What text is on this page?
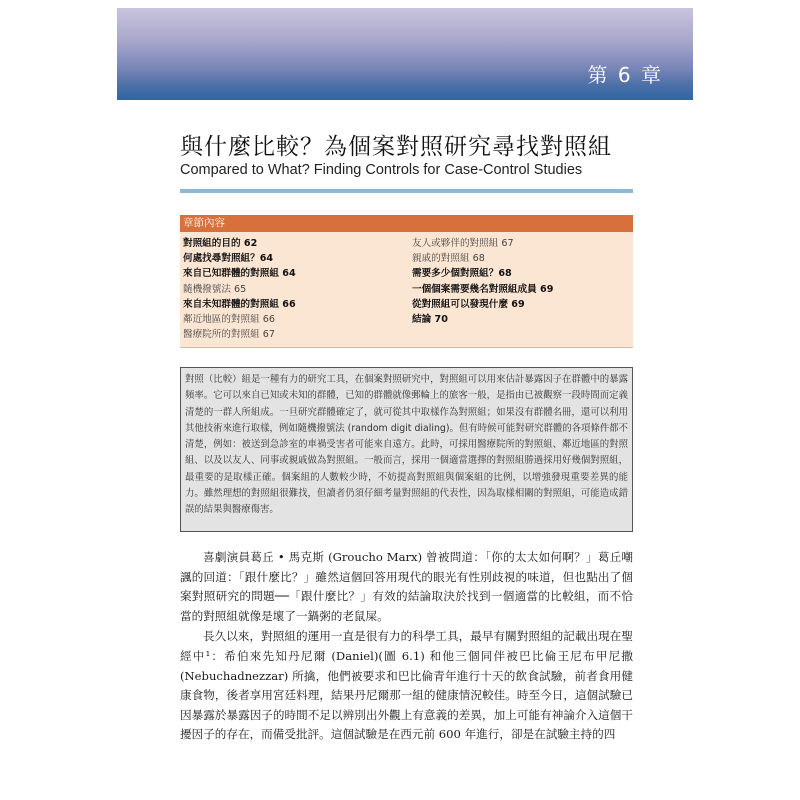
第 6 章
與什麼比較？為個案對照研究尋找對照組
Compared to What? Finding Controls for Case-Control Studies
章節內容
對照組的目的 62
何處找尋對照組？64
來自已知群體的對照組 64
隨機撥號法 65
來自未知群體的對照組 66
鄰近地區的對照組 66
醫療院所的對照組 67
友人或夥伴的對照組 67
親戚的對照組 68
需要多少個對照組？68
一個個案需要幾名對照組成員 69
從對照組可以發現什麼 69
結論 70
對照（比較）組是一種有力的研究工具，在個案對照研究中，對照組可以用來估計暴露因子在群體中的暴露頻率。它可以來自已知或未知的群體，已知的群體就像郵輪上的旅客一般，是指由已被觀察一段時間而定義清楚的一群人所組成。一旦研究群體確定了，就可從其中取樣作為對照組；如果沒有群體名冊，還可以利用其他技術來進行取樣，例如隨機撥號法 (random digit dialing)。但有時候可能對研究群體的各項條件都不清楚，例如：被送到急診室的車禍受害者可能來自遠方。此時，可採用醫療院所的對照組、鄰近地區的對照組、以及以友人、同事或親戚做為對照組。一般而言，採用一個適當選擇的對照組勝過採用好幾個對照組，最重要的是取樣正確。個案組的人數較少時，不妨提高對照組與個案組的比例，以增強發現重要差異的能力。雖然理想的對照組很難找，但讀者仍須仔細考量對照組的代表性，因為取樣相關的對照組，可能造成錯誤的結果與醫療傷害。

喜劇演員葛丘 • 馬克斯 (Groucho Marx) 曾被問道：「你的太太如何啊？」葛丘嘲諷的回道：「跟什麼比？」雖然這個回答用現代的眼光有性別歧視的味道，但也點出了個案對照研究的問題──「跟什麼比？」有效的結論取決於找到一個適當的比較組，而不恰當的對照組就像是壞了一鍋粥的老鼠屎。

長久以來，對照組的運用一直是很有力的科學工具，最早有關對照組的記載出現在聖經中¹：希伯來先知丹尼爾 (Daniel)(圖 6.1) 和他三個同伴被巴比倫王尼布甲尼撒 (Nebuchadnezzar) 所擒，他們被要求和巴比倫青年進行十天的飲食試驗，前者食用健康食物，後者享用宮廷料理，結果丹尼爾那一組的健康情況較佳。時至今日，這個試驗已因暴露於暴露因子的時間不足以辨別出外觀上有意義的差異，加上可能有神論介入這個干擾因子的存在，而備受批評。這個試驗是在西元前 600 年進行，卻是在試驗主持的四
